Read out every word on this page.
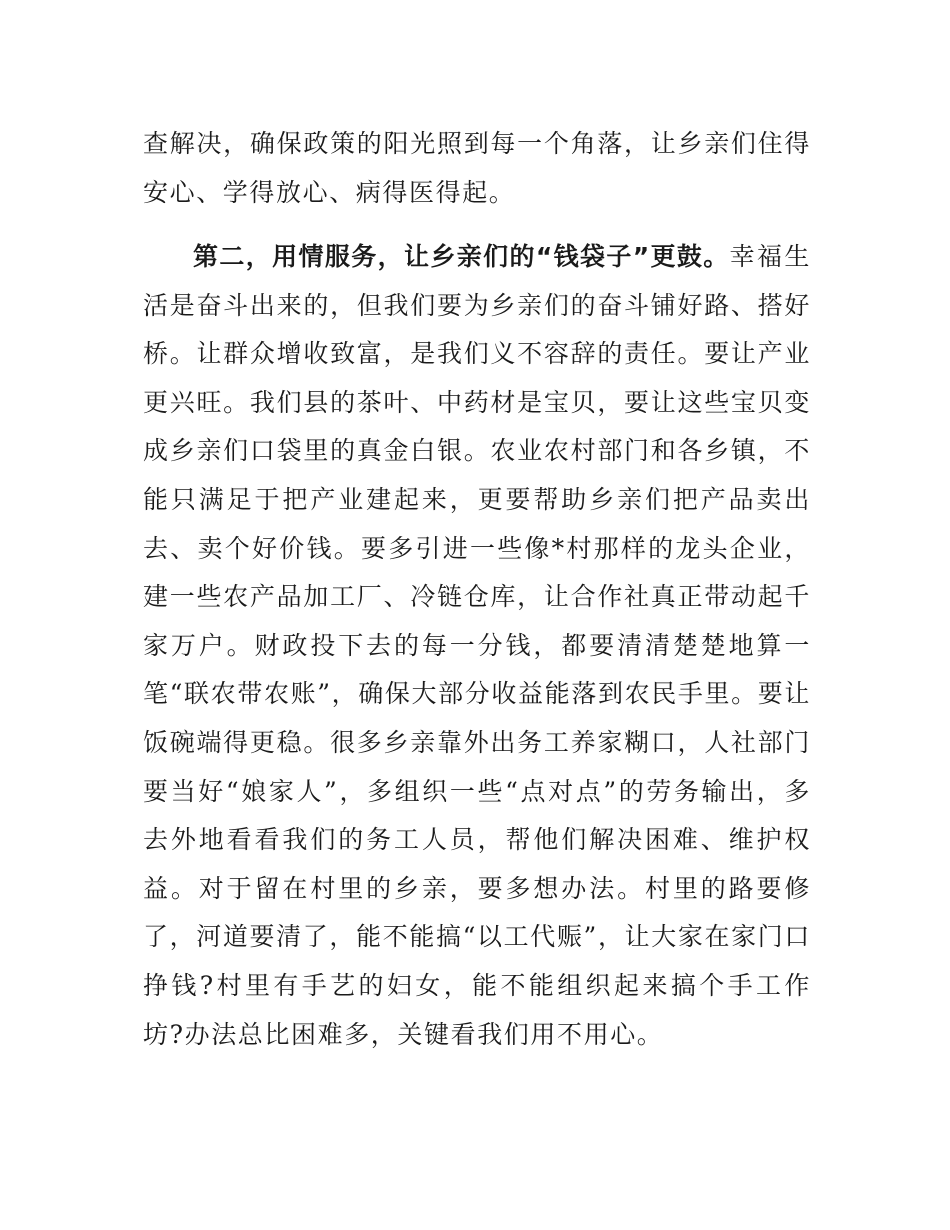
查解决，确保政策的阳光照到每一个角落，让乡亲们住得安心、学得放心、病得医得起。

第二，用情服务，让乡亲们的“钱袋子”更鼓。幸福生活是奋斗出来的，但我们要为乡亲们的奋斗铺好路、搭好桥。让群众增收致富，是我们义不容辞的责任。要让产业更兴旺。我们县的茶叶、中药材是宝贝，要让这些宝贝变成乡亲们口袋里的真金白银。农业农村部门和各乡镇，不能只满足于把产业建起来，更要帮助乡亲们把产品卖出去、卖个好价钱。要多引进一些像*村那样的龙头企业，建一些农产品加工厂、冷链仓库，让合作社真正带动起千家万户。财政投下去的每一分钱，都要清清楚楚地算一笔“联农带农账”，确保大部分收益能落到农民手里。要让饭碗端得更稳。很多乡亲靠外出务工养家糊口，人社部门要当好“娘家人”，多组织一些“点对点”的劳务输出，多去外地看看我们的务工人员，帮他们解决困难、维护权益。对于留在村里的乡亲，要多想办法。村里的路要修了，河道要清了，能不能搞“以工代赈”，让大家在家门口挣钱?村里有手艺的妇女，能不能组织起来搞个手工作坊?办法总比困难多，关键看我们用不用心。
